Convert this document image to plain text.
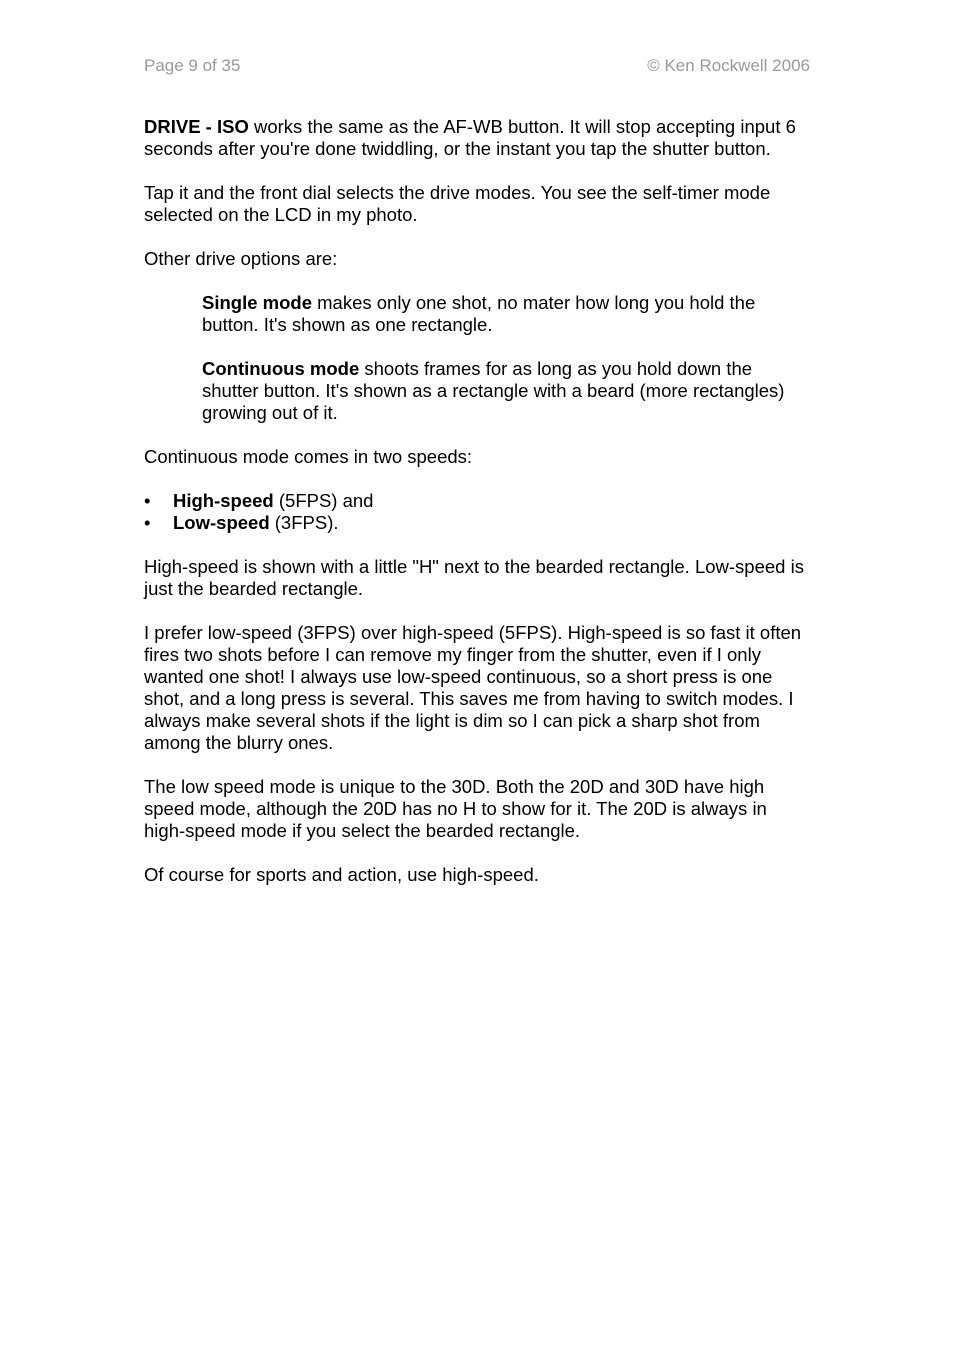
Page 9 of 35	© Ken Rockwell 2006

DRIVE - ISO works the same as the AF-WB button. It will stop accepting input 6 seconds after you're done twiddling, or the instant you tap the shutter button.

Tap it and the front dial selects the drive modes. You see the self-timer mode selected on the LCD in my photo.

Other drive options are:

Single mode makes only one shot, no mater how long you hold the button. It's shown as one rectangle.

Continuous mode shoots frames for as long as you hold down the shutter button. It's shown as a rectangle with a beard (more rectangles) growing out of it.

Continuous mode comes in two speeds:

• High-speed (5FPS) and
• Low-speed (3FPS).

High-speed is shown with a little "H" next to the bearded rectangle. Low-speed is just the bearded rectangle.

I prefer low-speed (3FPS) over high-speed (5FPS). High-speed is so fast it often fires two shots before I can remove my finger from the shutter, even if I only wanted one shot! I always use low-speed continuous, so a short press is one shot, and a long press is several. This saves me from having to switch modes. I always make several shots if the light is dim so I can pick a sharp shot from among the blurry ones.

The low speed mode is unique to the 30D. Both the 20D and 30D have high speed mode, although the 20D has no H to show for it. The 20D is always in high-speed mode if you select the bearded rectangle.

Of course for sports and action, use high-speed.
